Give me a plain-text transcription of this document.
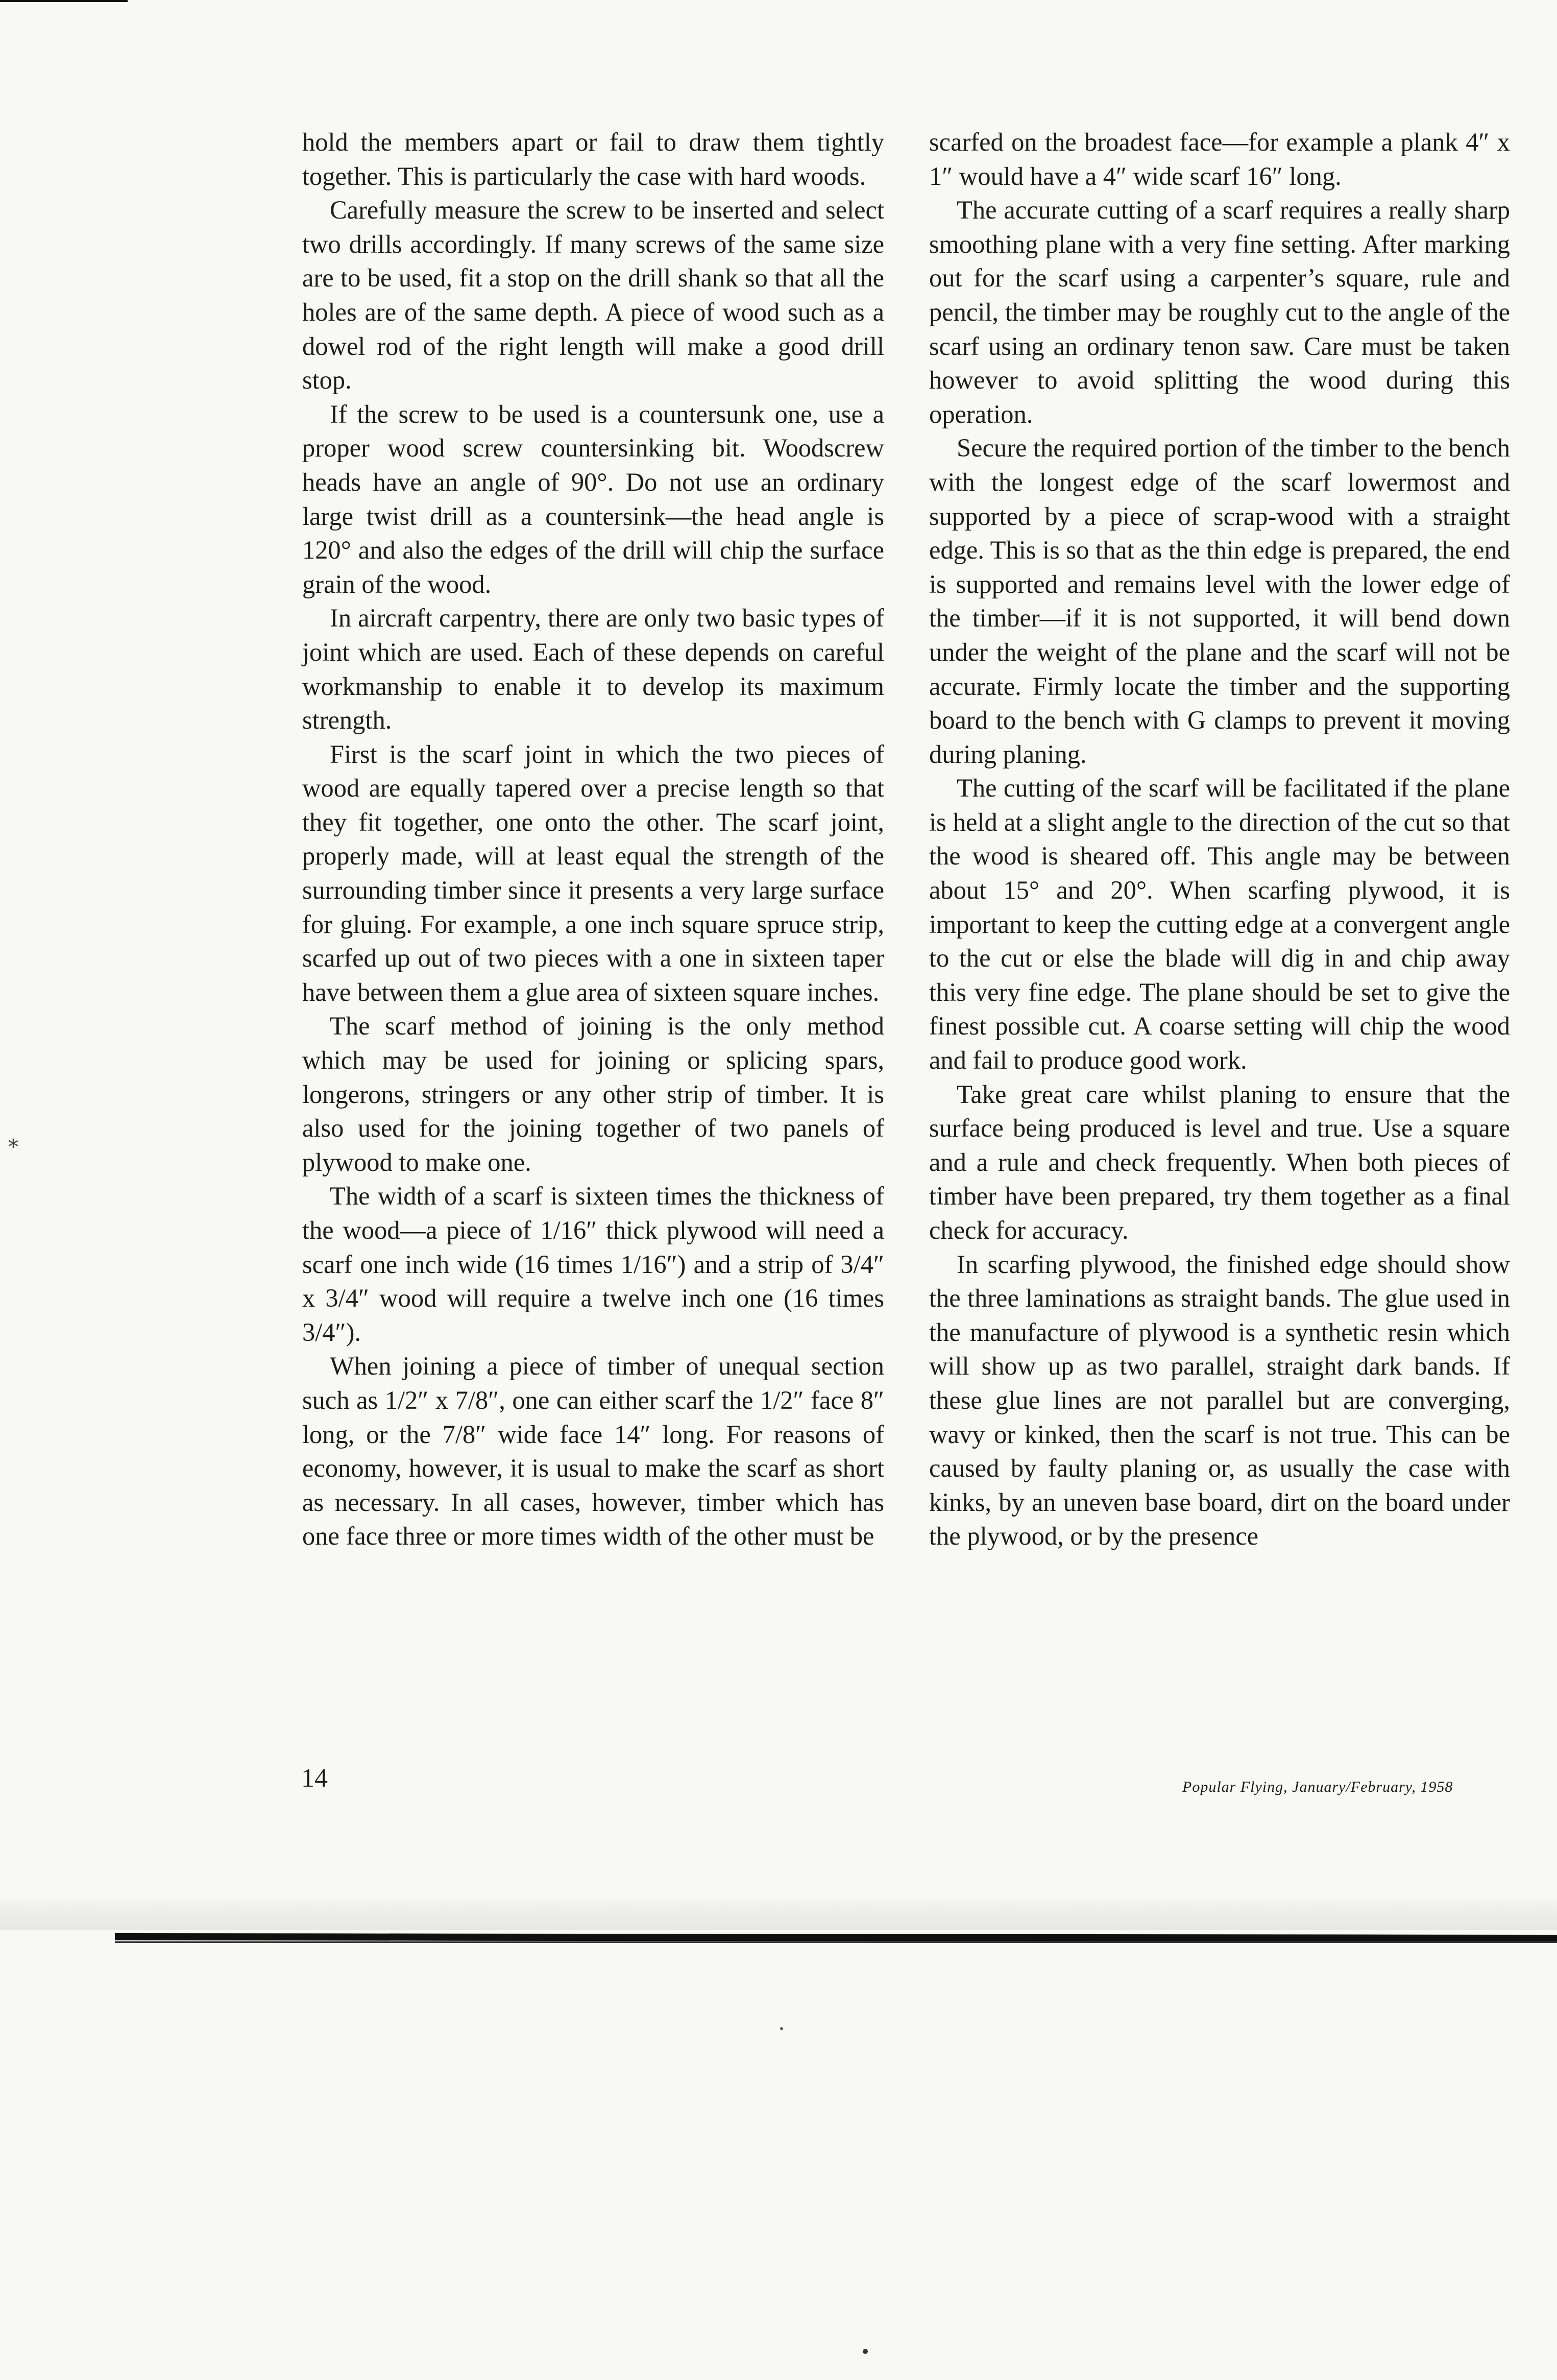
⁎

hold the members apart or fail to draw them tightly together. This is particularly the case with hard woods.

Carefully measure the screw to be inserted and select two drills accordingly. If many screws of the same size are to be used, fit a stop on the drill shank so that all the holes are of the same depth. A piece of wood such as a dowel rod of the right length will make a good drill stop.

If the screw to be used is a countersunk one, use a proper wood screw countersinking bit. Woodscrew heads have an angle of 90°. Do not use an ordinary large twist drill as a countersink—the head angle is 120° and also the edges of the drill will chip the surface grain of the wood.

In aircraft carpentry, there are only two basic types of joint which are used. Each of these depends on careful workmanship to enable it to develop its maximum strength.

First is the scarf joint in which the two pieces of wood are equally tapered over a precise length so that they fit together, one onto the other. The scarf joint, properly made, will at least equal the strength of the surrounding timber since it presents a very large surface for gluing. For example, a one inch square spruce strip, scarfed up out of two pieces with a one in sixteen taper have between them a glue area of sixteen square inches.

The scarf method of joining is the only method which may be used for joining or splicing spars, longerons, stringers or any other strip of timber. It is also used for the joining together of two panels of plywood to make one.

The width of a scarf is sixteen times the thickness of the wood—a piece of 1/16″ thick plywood will need a scarf one inch wide (16 times 1/16″) and a strip of 3/4″ x 3/4″ wood will require a twelve inch one (16 times 3/4″).

When joining a piece of timber of unequal section such as 1/2″ x 7/8″, one can either scarf the 1/2″ face 8″ long, or the 7/8″ wide face 14″ long. For reasons of economy, however, it is usual to make the scarf as short as necessary. In all cases, however, timber which has one face three or more times width of the other must be

scarfed on the broadest face—for example a plank 4″ x 1″ would have a 4″ wide scarf 16″ long.

The accurate cutting of a scarf requires a really sharp smoothing plane with a very fine setting. After marking out for the scarf using a carpenter’s square, rule and pencil, the timber may be roughly cut to the angle of the scarf using an ordinary tenon saw. Care must be taken however to avoid splitting the wood during this operation.

Secure the required portion of the timber to the bench with the longest edge of the scarf lowermost and supported by a piece of scrap-wood with a straight edge. This is so that as the thin edge is prepared, the end is supported and remains level with the lower edge of the timber—if it is not supported, it will bend down under the weight of the plane and the scarf will not be accurate. Firmly locate the timber and the supporting board to the bench with G clamps to prevent it moving during planing.

The cutting of the scarf will be facilitated if the plane is held at a slight angle to the direction of the cut so that the wood is sheared off. This angle may be between about 15° and 20°. When scarfing plywood, it is important to keep the cutting edge at a convergent angle to the cut or else the blade will dig in and chip away this very fine edge. The plane should be set to give the finest possible cut. A coarse setting will chip the wood and fail to produce good work.

Take great care whilst planing to ensure that the surface being produced is level and true. Use a square and a rule and check frequently. When both pieces of timber have been prepared, try them together as a final check for accuracy.

In scarfing plywood, the finished edge should show the three laminations as straight bands. The glue used in the manufacture of plywood is a synthetic resin which will show up as two parallel, straight dark bands. If these glue lines are not parallel but are converging, wavy or kinked, then the scarf is not true. This can be caused by faulty planing or, as usually the case with kinks, by an uneven base board, dirt on the board under the plywood, or by the presence

14	Popular Flying, January/February, 1958
